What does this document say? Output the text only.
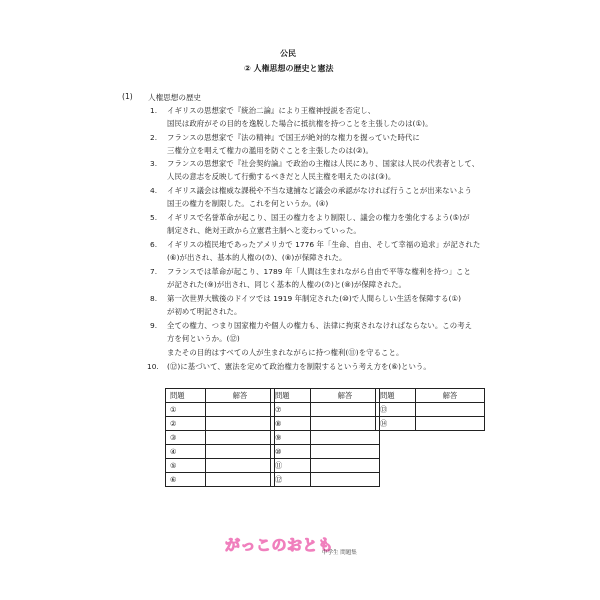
公民
② 人権思想の歴史と憲法
(1) 人権思想の歴史
1. イギリスの思想家で『統治二論』により王権神授説を否定し、
国民は政府がその目的を逸脱した場合に抵抗権を持つことを主張したのは(①)。
2. フランスの思想家で『法の精神』で国王が絶対的な権力を握っていた時代に
三権分立を唱えて権力の濫用を防ぐことを主張したのは(②)。
3. フランスの思想家で『社会契約論』で政治の主権は人民にあり、国家は人民の代表者として、
人民の意志を反映して行動するべきだと人民主権を唱えたのは(③)。
4. イギリス議会は権威な課税や不当な逮捕など議会の承認がなければ行うことが出来ないよう
国王の権力を制限した。これを何というか。(④)
5. イギリスで名誉革命が起こり、国王の権力をより制限し、議会の権力を強化するよう(⑤)が
制定され、絶対王政から立憲君主制へと変わっていった。
6. イギリスの植民地であったアメリカで 1776 年「生命、自由、そして幸福の追求」が記された
(⑥)が出され、基本的人権の(⑦)、(⑧)が保障された。
7. フランスでは革命が起こり、1789 年「人間は生まれながら自由で平等な権利を持つ」こと
が記された(⑨)が出され、同じく基本的人権の(⑦)と(⑧)が保障された。
8. 第一次世界大戦後のドイツでは 1919 年制定された(⑩)で人間らしい生活を保障する(①)
が初めて明記された。
9. 全ての権力、つまり国家権力や個人の権力も、法律に拘束されなければならない。この考え
方を何というか。(⑫)
またその目的はすべての人が生まれながらに持つ権利(⑪)を守ること。
10. (⑫)に基づいて、憲法を定めて政治権力を制限するという考え方を(⑥)という。
問題	解答
①	
②	
③	
④	
⑤	
⑥	
問題	解答
⑦	
⑧	
⑨	
⑩	
⑪	
⑫	
問題	解答
⑬	
⑭	
がっこのおとも
中学生 問題集
